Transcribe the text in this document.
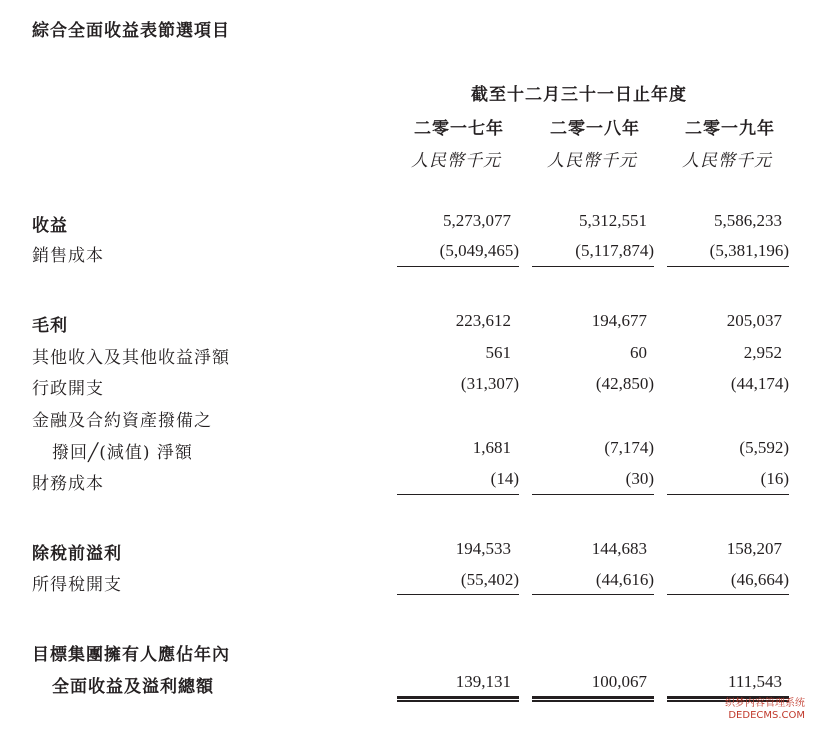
綜合全面收益表節選項目
截至十二月三十一日止年度
二零一七年	二零一八年	二零一九年
人民幣千元	人民幣千元	人民幣千元
收益	5,273,077	5,312,551	5,586,233
銷售成本	(5,049,465)	(5,117,874)	(5,381,196)
毛利	223,612	194,677	205,037
其他收入及其他收益淨額	561	60	2,952
行政開支	(31,307)	(42,850)	(44,174)
金融及合約資產撥備之
撥回╱(減值) 淨額	1,681	(7,174)	(5,592)
財務成本	(14)	(30)	(16)
除稅前溢利	194,533	144,683	158,207
所得稅開支	(55,402)	(44,616)	(46,664)
目標集團擁有人應佔年內
全面收益及溢利總額	139,131	100,067	111,543
织梦内容管理系统
DEDECMS.COM
